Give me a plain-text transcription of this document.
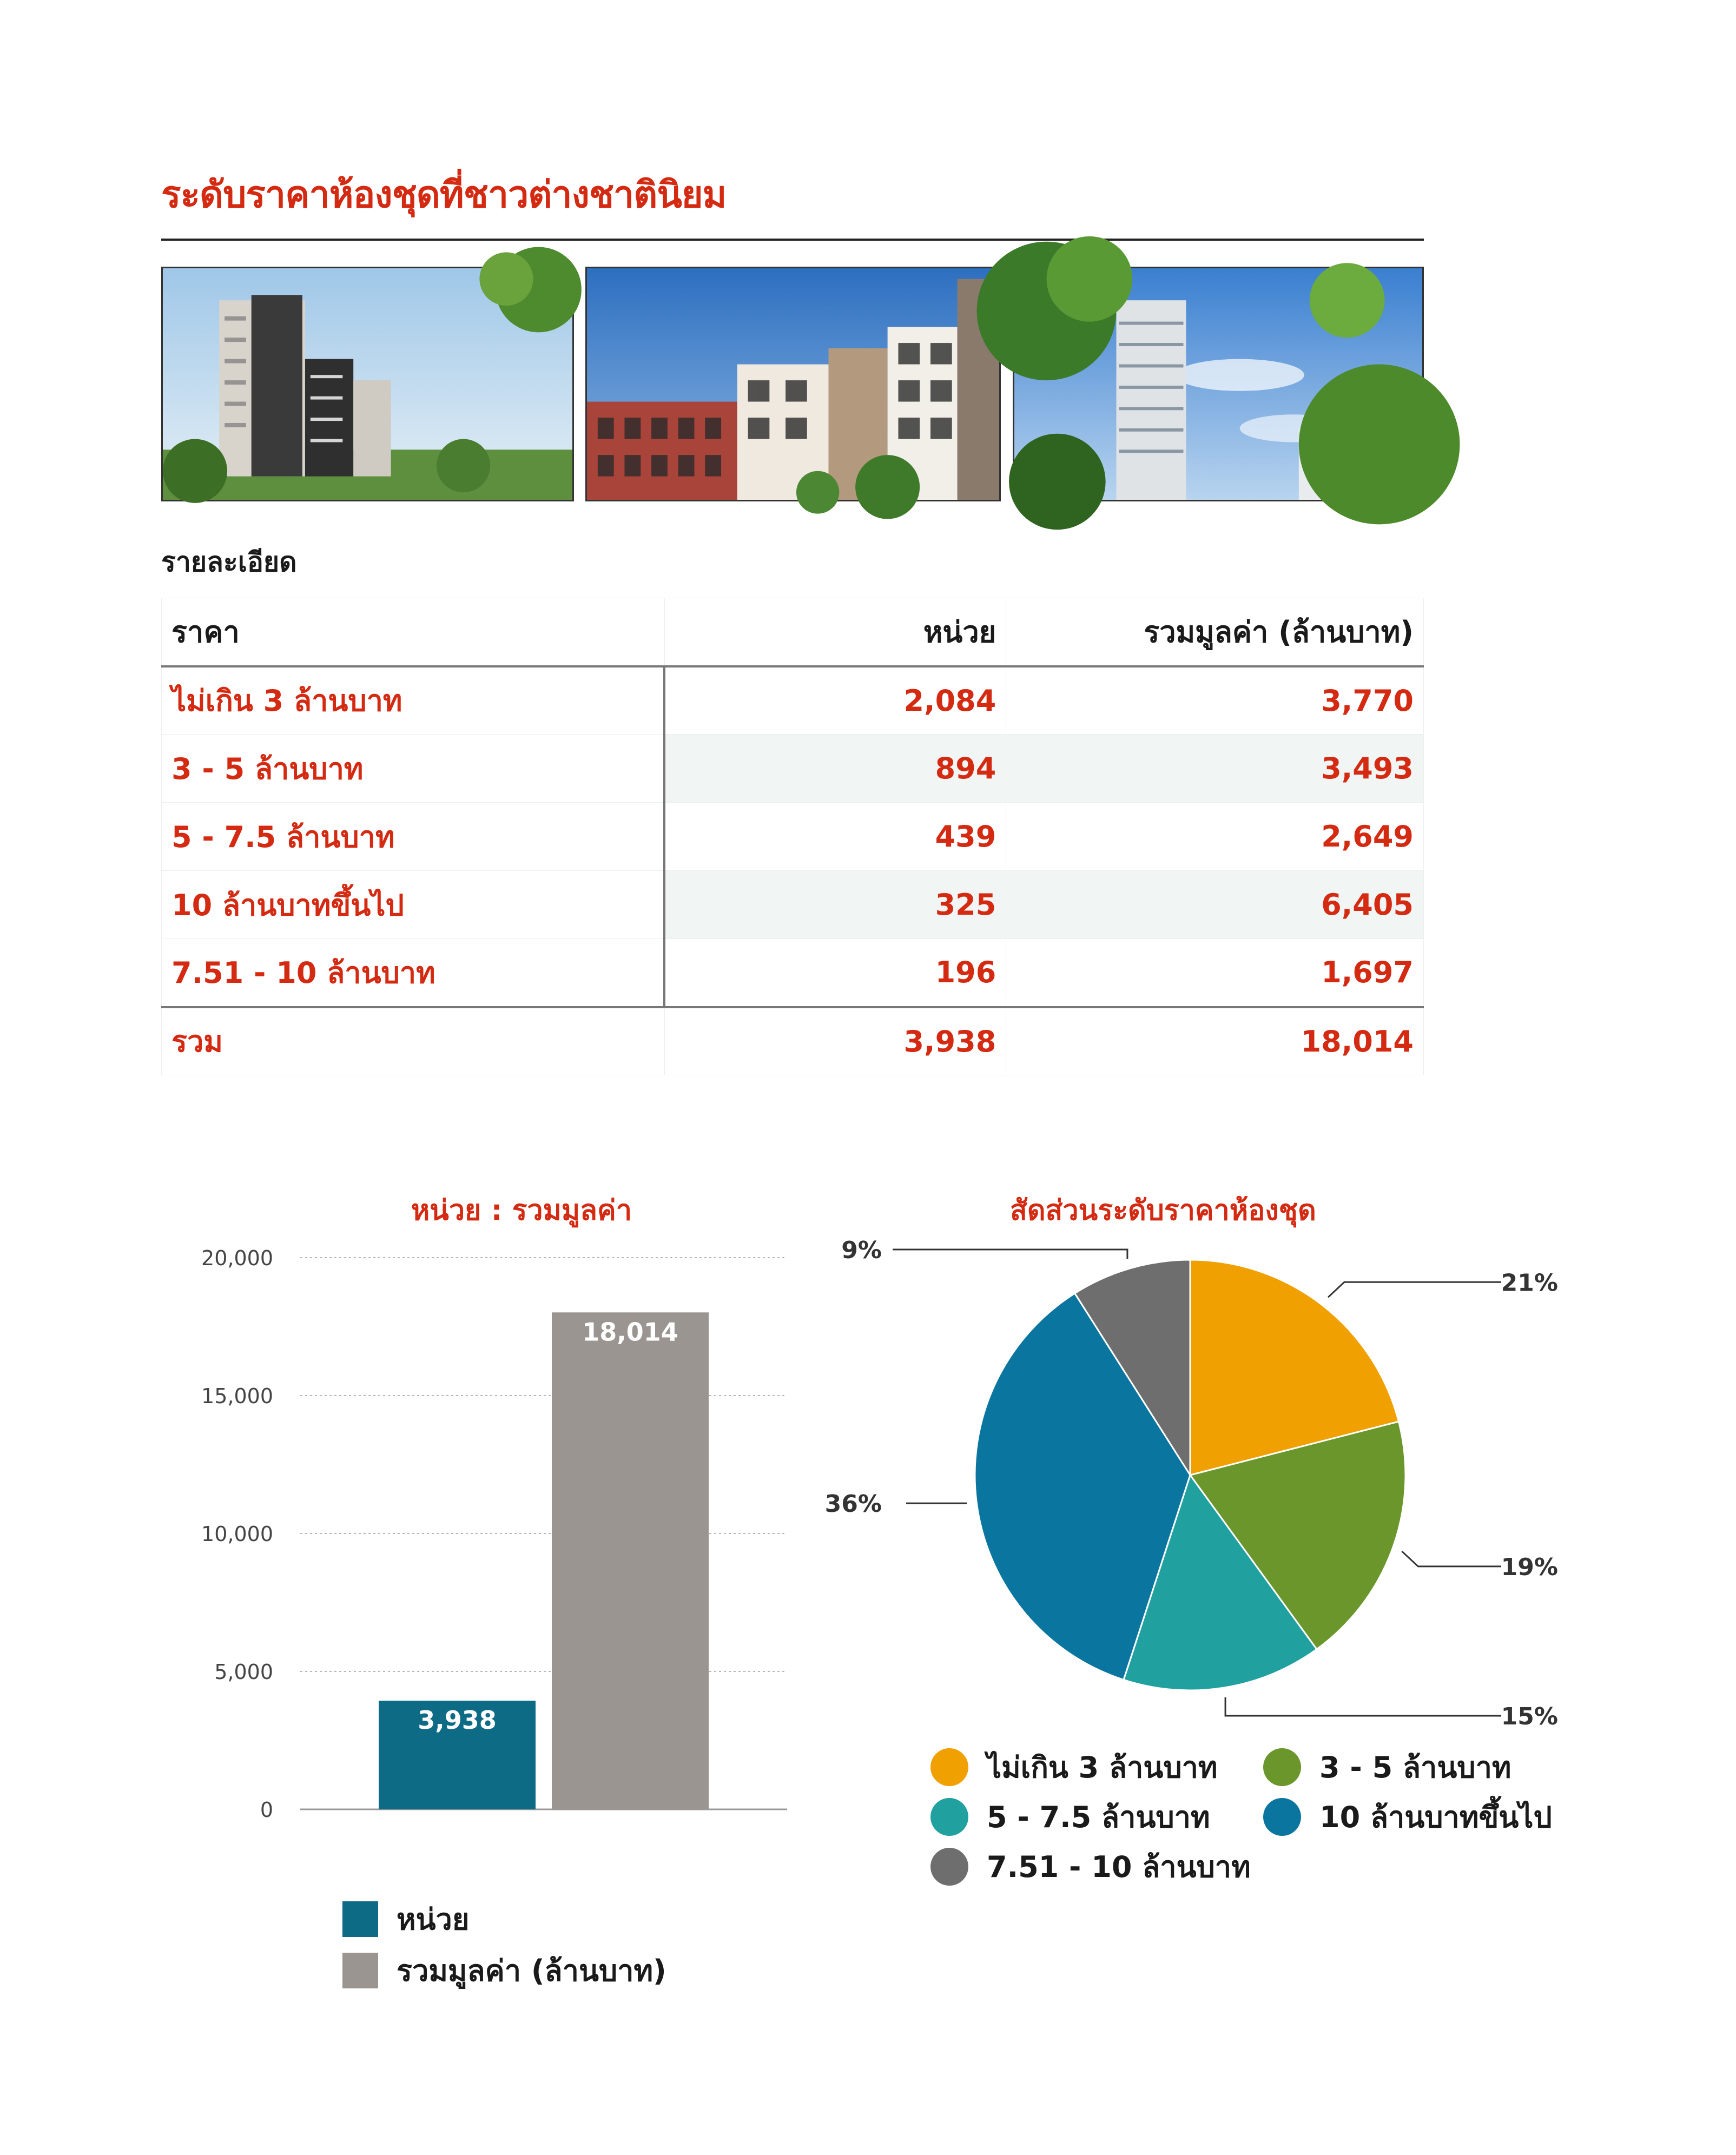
ระดับราคาห้องชุดที่ชาวต่างชาตินิยม
รายละเอียด
ราคา	หน่วย	รวมมูลค่า (ล้านบาท)
ไม่เกิน 3 ล้านบาท	2,084	3,770
3 - 5 ล้านบาท	894	3,493
5 - 7.5 ล้านบาท	439	2,649
10 ล้านบาทขึ้นไป	325	6,405
7.51 - 10 ล้านบาท	196	1,697
รวม	3,938	18,014
หน่วย : รวมมูลค่า
0
5,000
10,000
15,000
20,000
3,938
18,014
หน่วย
รวมมูลค่า (ล้านบาท)
สัดส่วนระดับราคาห้องชุด
21%
19%
15%
36%
9%
ไม่เกิน 3 ล้านบาท	3 - 5 ล้านบาท
5 - 7.5 ล้านบาท	10 ล้านบาทขึ้นไป
7.51 - 10 ล้านบาท
